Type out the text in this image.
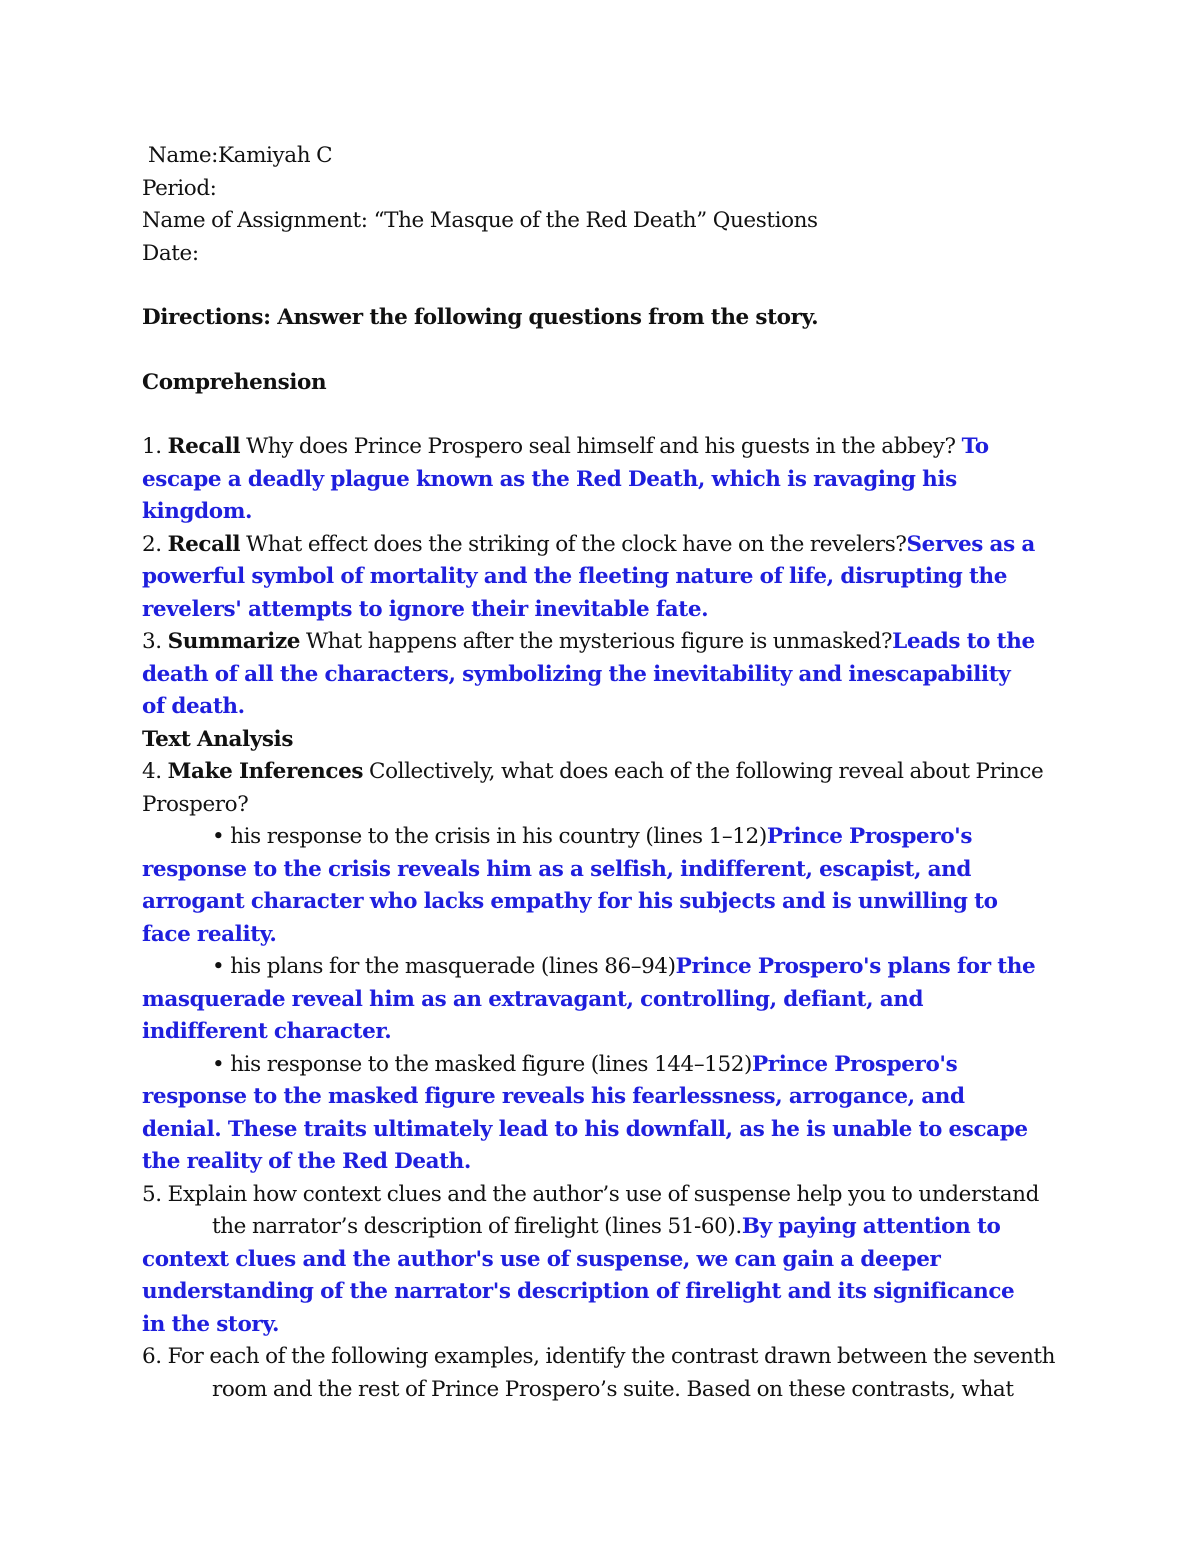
Name:Kamiyah C
Period:
Name of Assignment: “The Masque of the Red Death” Questions
Date:
Directions: Answer the following questions from the story.
Comprehension
1. Recall Why does Prince Prospero seal himself and his guests in the abbey? To
escape a deadly plague known as the Red Death, which is ravaging his
kingdom.
2. Recall What effect does the striking of the clock have on the revelers?Serves as a
powerful symbol of mortality and the fleeting nature of life, disrupting the
revelers' attempts to ignore their inevitable fate.
3. Summarize What happens after the mysterious figure is unmasked?Leads to the
death of all the characters, symbolizing the inevitability and inescapability
of death.
Text Analysis
4. Make Inferences Collectively, what does each of the following reveal about Prince
Prospero?
• his response to the crisis in his country (lines 1–12)Prince Prospero's
response to the crisis reveals him as a selfish, indifferent, escapist, and
arrogant character who lacks empathy for his subjects and is unwilling to
face reality.
• his plans for the masquerade (lines 86–94)Prince Prospero's plans for the
masquerade reveal him as an extravagant, controlling, defiant, and
indifferent character.
• his response to the masked figure (lines 144–152)Prince Prospero's
response to the masked figure reveals his fearlessness, arrogance, and
denial. These traits ultimately lead to his downfall, as he is unable to escape
the reality of the Red Death.
5. Explain how context clues and the author’s use of suspense help you to understand
the narrator’s description of firelight (lines 51-60).By paying attention to
context clues and the author's use of suspense, we can gain a deeper
understanding of the narrator's description of firelight and its significance
in the story.
6. For each of the following examples, identify the contrast drawn between the seventh
room and the rest of Prince Prospero’s suite. Based on these contrasts, what
